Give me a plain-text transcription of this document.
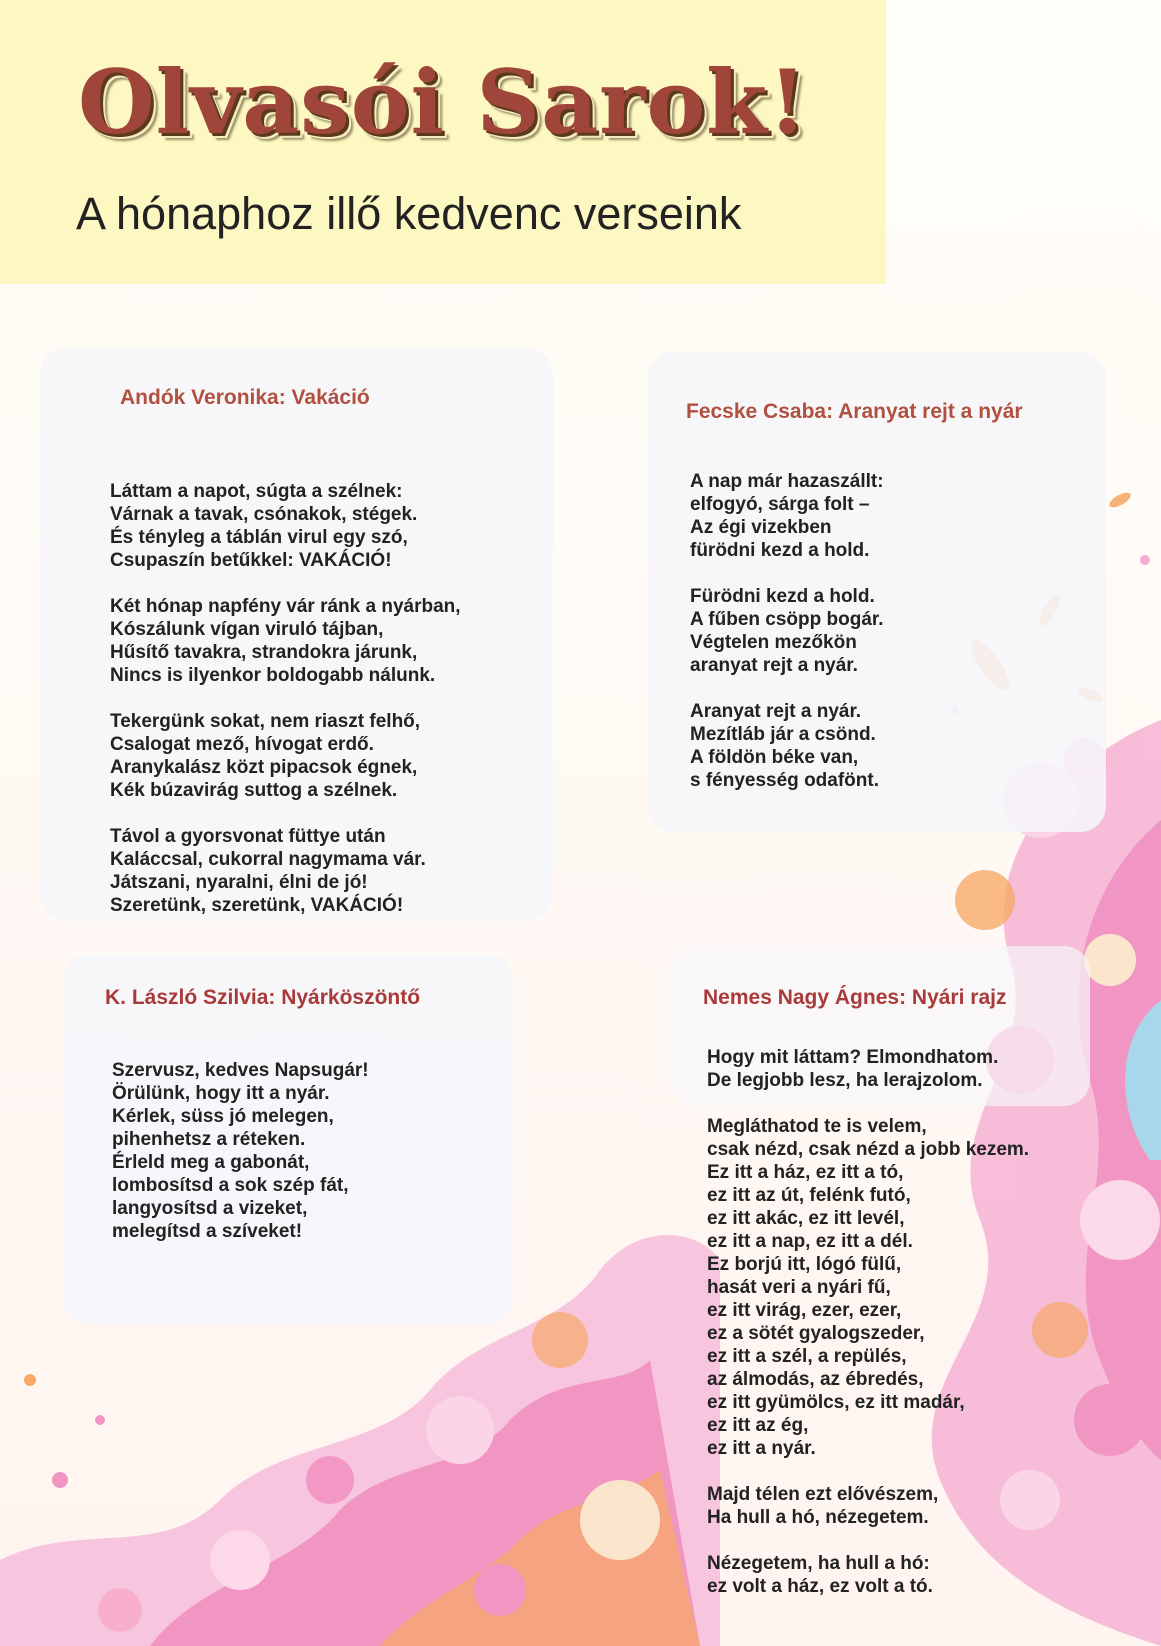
Olvasói Sarok!
A hónaphoz illő kedvenc verseink
Andók Veronika: Vakáció

Láttam a napot, súgta a szélnek:
Várnak a tavak, csónakok, stégek.
És tényleg a táblán virul egy szó,
Csupaszín betűkkel: VAKÁCIÓ!

Két hónap napfény vár ránk a nyárban,
Kószálunk vígan viruló tájban,
Hűsítő tavakra, strandokra járunk,
Nincs is ilyenkor boldogabb nálunk.

Tekergünk sokat, nem riaszt felhő,
Csalogat mező, hívogat erdő.
Aranykalász közt pipacsok égnek,
Kék búzavirág suttog a szélnek.

Távol a gyorsvonat füttye után
Kaláccsal, cukorral nagymama vár.
Játszani, nyaralni, élni de jó!
Szeretünk, szeretünk, VAKÁCIÓ!

Fecske Csaba: Aranyat rejt a nyár

A nap már hazaszállt:
elfogyó, sárga folt –
Az égi vizekben
fürödni kezd a hold.

Fürödni kezd a hold.
A fűben csöpp bogár.
Végtelen mezőkön
aranyat rejt a nyár.

Aranyat rejt a nyár.
Mezítláb jár a csönd.
A földön béke van,
s fényesség odafönt.

K. László Szilvia: Nyárköszöntő

Szervusz, kedves Napsugár!
Örülünk, hogy itt a nyár.
Kérlek, süss jó melegen,
pihenhetsz a réteken.
Érleld meg a gabonát,
lombosítsd a sok szép fát,
langyosítsd a vizeket,
melegítsd a szíveket!

Nemes Nagy Ágnes: Nyári rajz

Hogy mit láttam? Elmondhatom.
De legjobb lesz, ha lerajzolom.

Megláthatod te is velem,
csak nézd, csak nézd a jobb kezem.
Ez itt a ház, ez itt a tó,
ez itt az út, felénk futó,
ez itt akác, ez itt levél,
ez itt a nap, ez itt a dél.
Ez borjú itt, lógó fülű,
hasát veri a nyári fű,
ez itt virág, ezer, ezer,
ez a sötét gyalogszeder,
ez itt a szél, a repülés,
az álmodás, az ébredés,
ez itt gyümölcs, ez itt madár,
ez itt az ég,
ez itt a nyár.

Majd télen ezt elővészem,
Ha hull a hó, nézegetem.

Nézegetem, ha hull a hó:
ez volt a ház, ez volt a tó.
